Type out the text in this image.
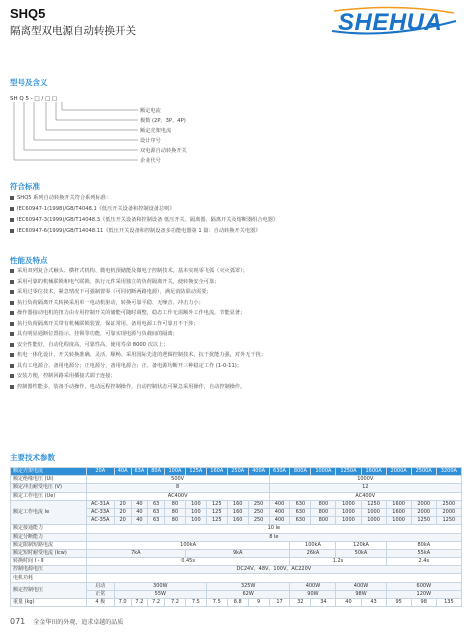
SHQ5
隔离型双电源自动转换开关	SHEHUA
型号及含义
SH Q 5 - □ / □ □
额定电流
极数 (2P、3P、4P)
额定壳架电流
设计序号
双电源自动转换开关
企业代号
符合标准
SHQ5 系列自动转换开关符合系列标准：
IEC60947-1(1998)/GB/T4048.1《低压开关设备和控制设备总则》
IEC60947-3(1999)/GB/T14048.3《低压开关设备和控制设备 低压开关、隔离器、隔离开关及熔断器组合电器》
IEC60947-6(1999)/GB/T14048.11《低压开关设备和控制设备多功能电器第 1 篇：自动转换开关电器》
性能及特点
采用双列复合式触头、横杆式机构、微电机预储能及微电子控制技术，基本实现零飞弧（灭灭弧罩）；
采用可靠的机械联锁和电气联锁、执行元件采用独立的负荷隔离开关，使转换安全可靠；
采用过零位技术，紧急情况下可强制置零（可同切断两路电源），满足消防联动需要；
执行负荷隔离开关转换采用单一电动机驱动，转换可靠平稳、无噪音、冲击力小；
操作器接动电机的扭力由专用控制开关的储能可随时调整，稳态工作无需额外工作电流，节能显著；
执行负荷隔离开关带有机械联锁装置，保证常用、备用电源工作可靠且不干涉；
具有明显通断位置指示、挂锁等功能，可靠实现电源与负载间的隔离；
安全性能好，自动化程度高，可靠性高，使用寿命 8000 次以上；
机电一体化设计，开关转换准确、灵活、顺畅、采用国际先进的逻辑控制技术，抗干扰能力强，对外无干扰；
具有工电源合、备用电源分；正电源分，备用电源合；正、备电源均断开三种稳定工作 (1-0-11)；
安装方便，控制回路采用插接式端子连接；
控制器性能多，装备手动操作、电动远程控制操作，自动控制状态可紧急采用操作，自动控制操作。
主要技术参数
额定壳架电流	20A	40A	63A	80A	100A	125A	160A	250A	400A	630A	800A	1000A	1250A	1600A	2000A	2500A	3200A
额定绝缘电压 (Ui)	500V									1000V							
额定冲击耐受电压 (V)	8									12							
额定工作电压 (Ue)	AC400V									AC400V							
额定工作电流 Ie	AC-31A	20	40	63	80	100	125	160	250	400	630	800	1000	1250	1600	2000	2500
	AC-33A	20	40	63	80	100	125	160	250	400	630	800	1000	1000	1600	2000	2000
	AC-35A	20	40	63	80	100	125	160	250	400	630	800	1000	1000	1000	1250	1250
额定接通能力	10 Ie																
额定分断能力	8 Ie																
额定限制短路电流	100kA										100kA		120kA		80kA		
额定短时耐受电流 (Icw)	7kA					9kA					26kA		50kA		55kA		
转换时间 Ⅰ - Ⅱ	0.45s										1.2s				2.4s		
控制电源电压	DC24V、48V、100V、AC220V																
电机功耗																	
额定控制电压	启动	300W					325W				400W		400W		600W		
	正常	55W					62W				90W		98W		120W		
重量 (kg)	4 极	7.0	7.2	7.2	7.2	7.5	7.5	8.8	9	17	32	34	40	43	95	98	135
071 全金华田的外观、追求卓越的品质
